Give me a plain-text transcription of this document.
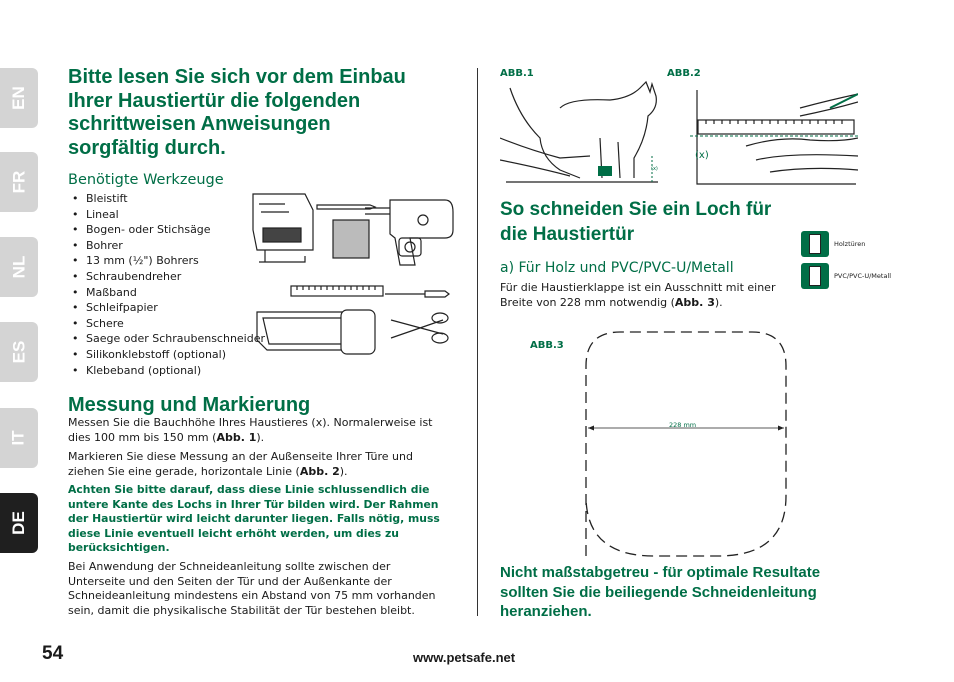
EN
FR
NL
ES
IT
DE
Bitte lesen Sie sich vor dem Einbau
Ihrer Haustiertür die folgenden
schrittweisen Anweisungen
sorgfältig durch.
Benötigte Werkzeuge
• Bleistift
• Lineal
• Bogen- oder Stichsäge
• Bohrer
• 13 mm (½") Bohrers
• Schraubendreher
• Maßband
• Schleifpapier
• Schere
• Saege oder Schraubenschneider
• Silikonklebstoff (optional)
• Klebeband (optional)
Messung und Markierung
Messen Sie die Bauchhöhe Ihres Haustieres (x). Normalerweise ist dies 100 mm bis 150 mm (Abb. 1).
Markieren Sie diese Messung an der Außenseite Ihrer Türe und ziehen Sie eine gerade, horizontale Linie (Abb. 2).
Achten Sie bitte darauf, dass diese Linie schlussendlich die untere Kante des Lochs in Ihrer Tür bilden wird. Der Rahmen der Haustiertür wird leicht darunter liegen. Falls nötig, muss diese Linie eventuell leicht erhöht werden, um dies zu berücksichtigen.
Bei Anwendung der Schneideanleitung sollte zwischen der Unterseite und den Seiten der Tür und der Außenkante der Schneideanleitung mindestens ein Abstand von 75 mm vorhanden sein, damit die physikalische Stabilität der Tür bestehen bleibt.
ABB.1	ABB.2
(x)
(x)
So schneiden Sie ein Loch für
die Haustiertür	Holztüren
PVC/PVC-U/Metall
a) Für Holz und PVC/PVC-U/Metall
Für die Haustierklappe ist ein Ausschnitt mit einer Breite von 228 mm notwendig (Abb. 3).
ABB.3
228 mm
Nicht maßstabgetreu - für optimale Resultate
sollten Sie die beiliegende Schneidenleitung
heranziehen.
54	www.petsafe.net
